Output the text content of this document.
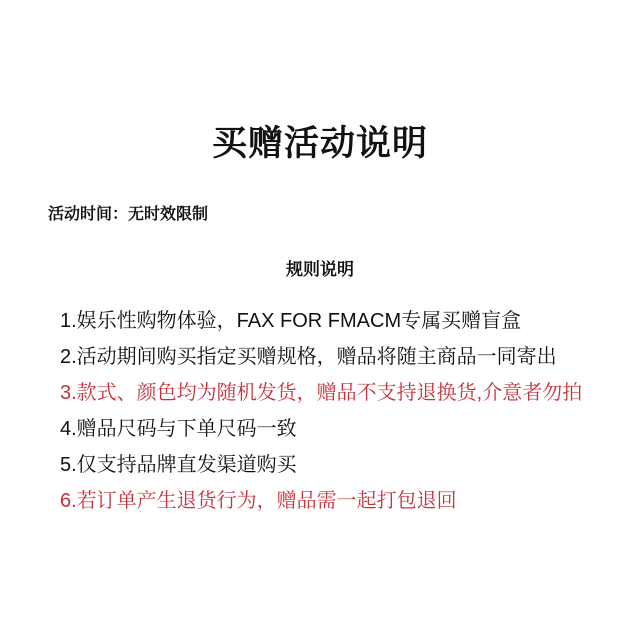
买赠活动说明
活动时间：无时效限制
规则说明
1.娱乐性购物体验，FAX FOR FMACM专属买赠盲盒
2.活动期间购买指定买赠规格，赠品将随主商品一同寄出
3.款式、颜色均为随机发货，赠品不支持退换货,介意者勿拍
4.赠品尺码与下单尺码一致
5.仅支持品牌直发渠道购买
6.若订单产生退货行为，赠品需一起打包退回
